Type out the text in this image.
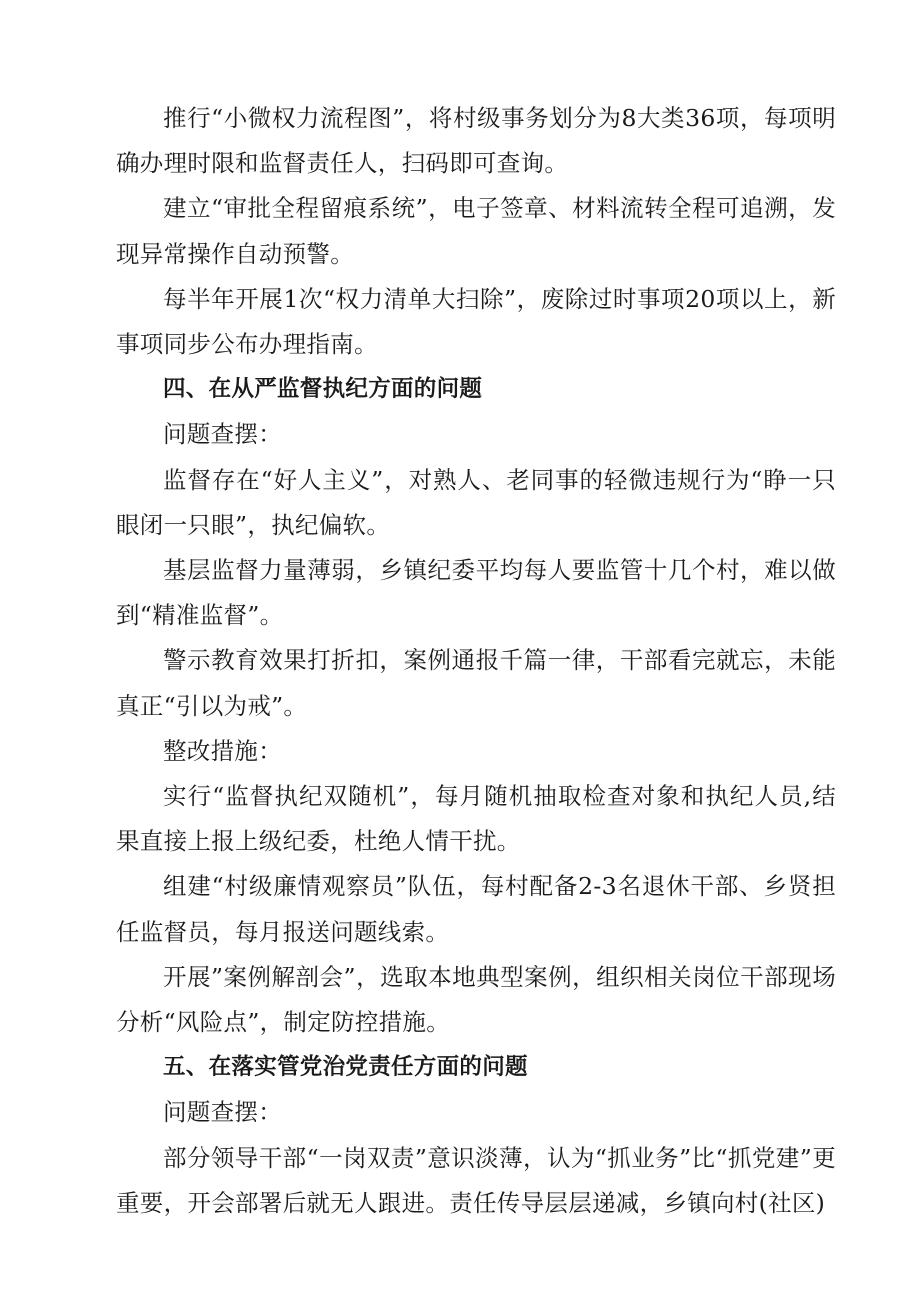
推行“小微权力流程图”，将村级事务划分为8大类36项，每项明确办理时限和监督责任人，扫码即可查询。

建立“审批全程留痕系统”，电子签章、材料流转全程可追溯，发现异常操作自动预警。

每半年开展1次“权力清单大扫除”，废除过时事项20项以上，新事项同步公布办理指南。

四、在从严监督执纪方面的问题

问题查摆：

监督存在“好人主义”，对熟人、老同事的轻微违规行为“睁一只眼闭一只眼”，执纪偏软。

基层监督力量薄弱，乡镇纪委平均每人要监管十几个村，难以做到“精准监督”。

警示教育效果打折扣，案例通报千篇一律，干部看完就忘，未能真正“引以为戒”。

整改措施：

实行“监督执纪双随机”，每月随机抽取检查对象和执纪人员,结果直接上报上级纪委，杜绝人情干扰。

组建“村级廉情观察员”队伍，每村配备2-3名退休干部、乡贤担任监督员，每月报送问题线索。

开展”案例解剖会”，选取本地典型案例，组织相关岗位干部现场分析“风险点”，制定防控措施。

五、在落实管党治党责任方面的问题

问题查摆：

部分领导干部“一岗双责”意识淡薄，认为“抓业务”比“抓党建”更重要，开会部署后就无人跟进。责任传导层层递减，乡镇向村(社区)
